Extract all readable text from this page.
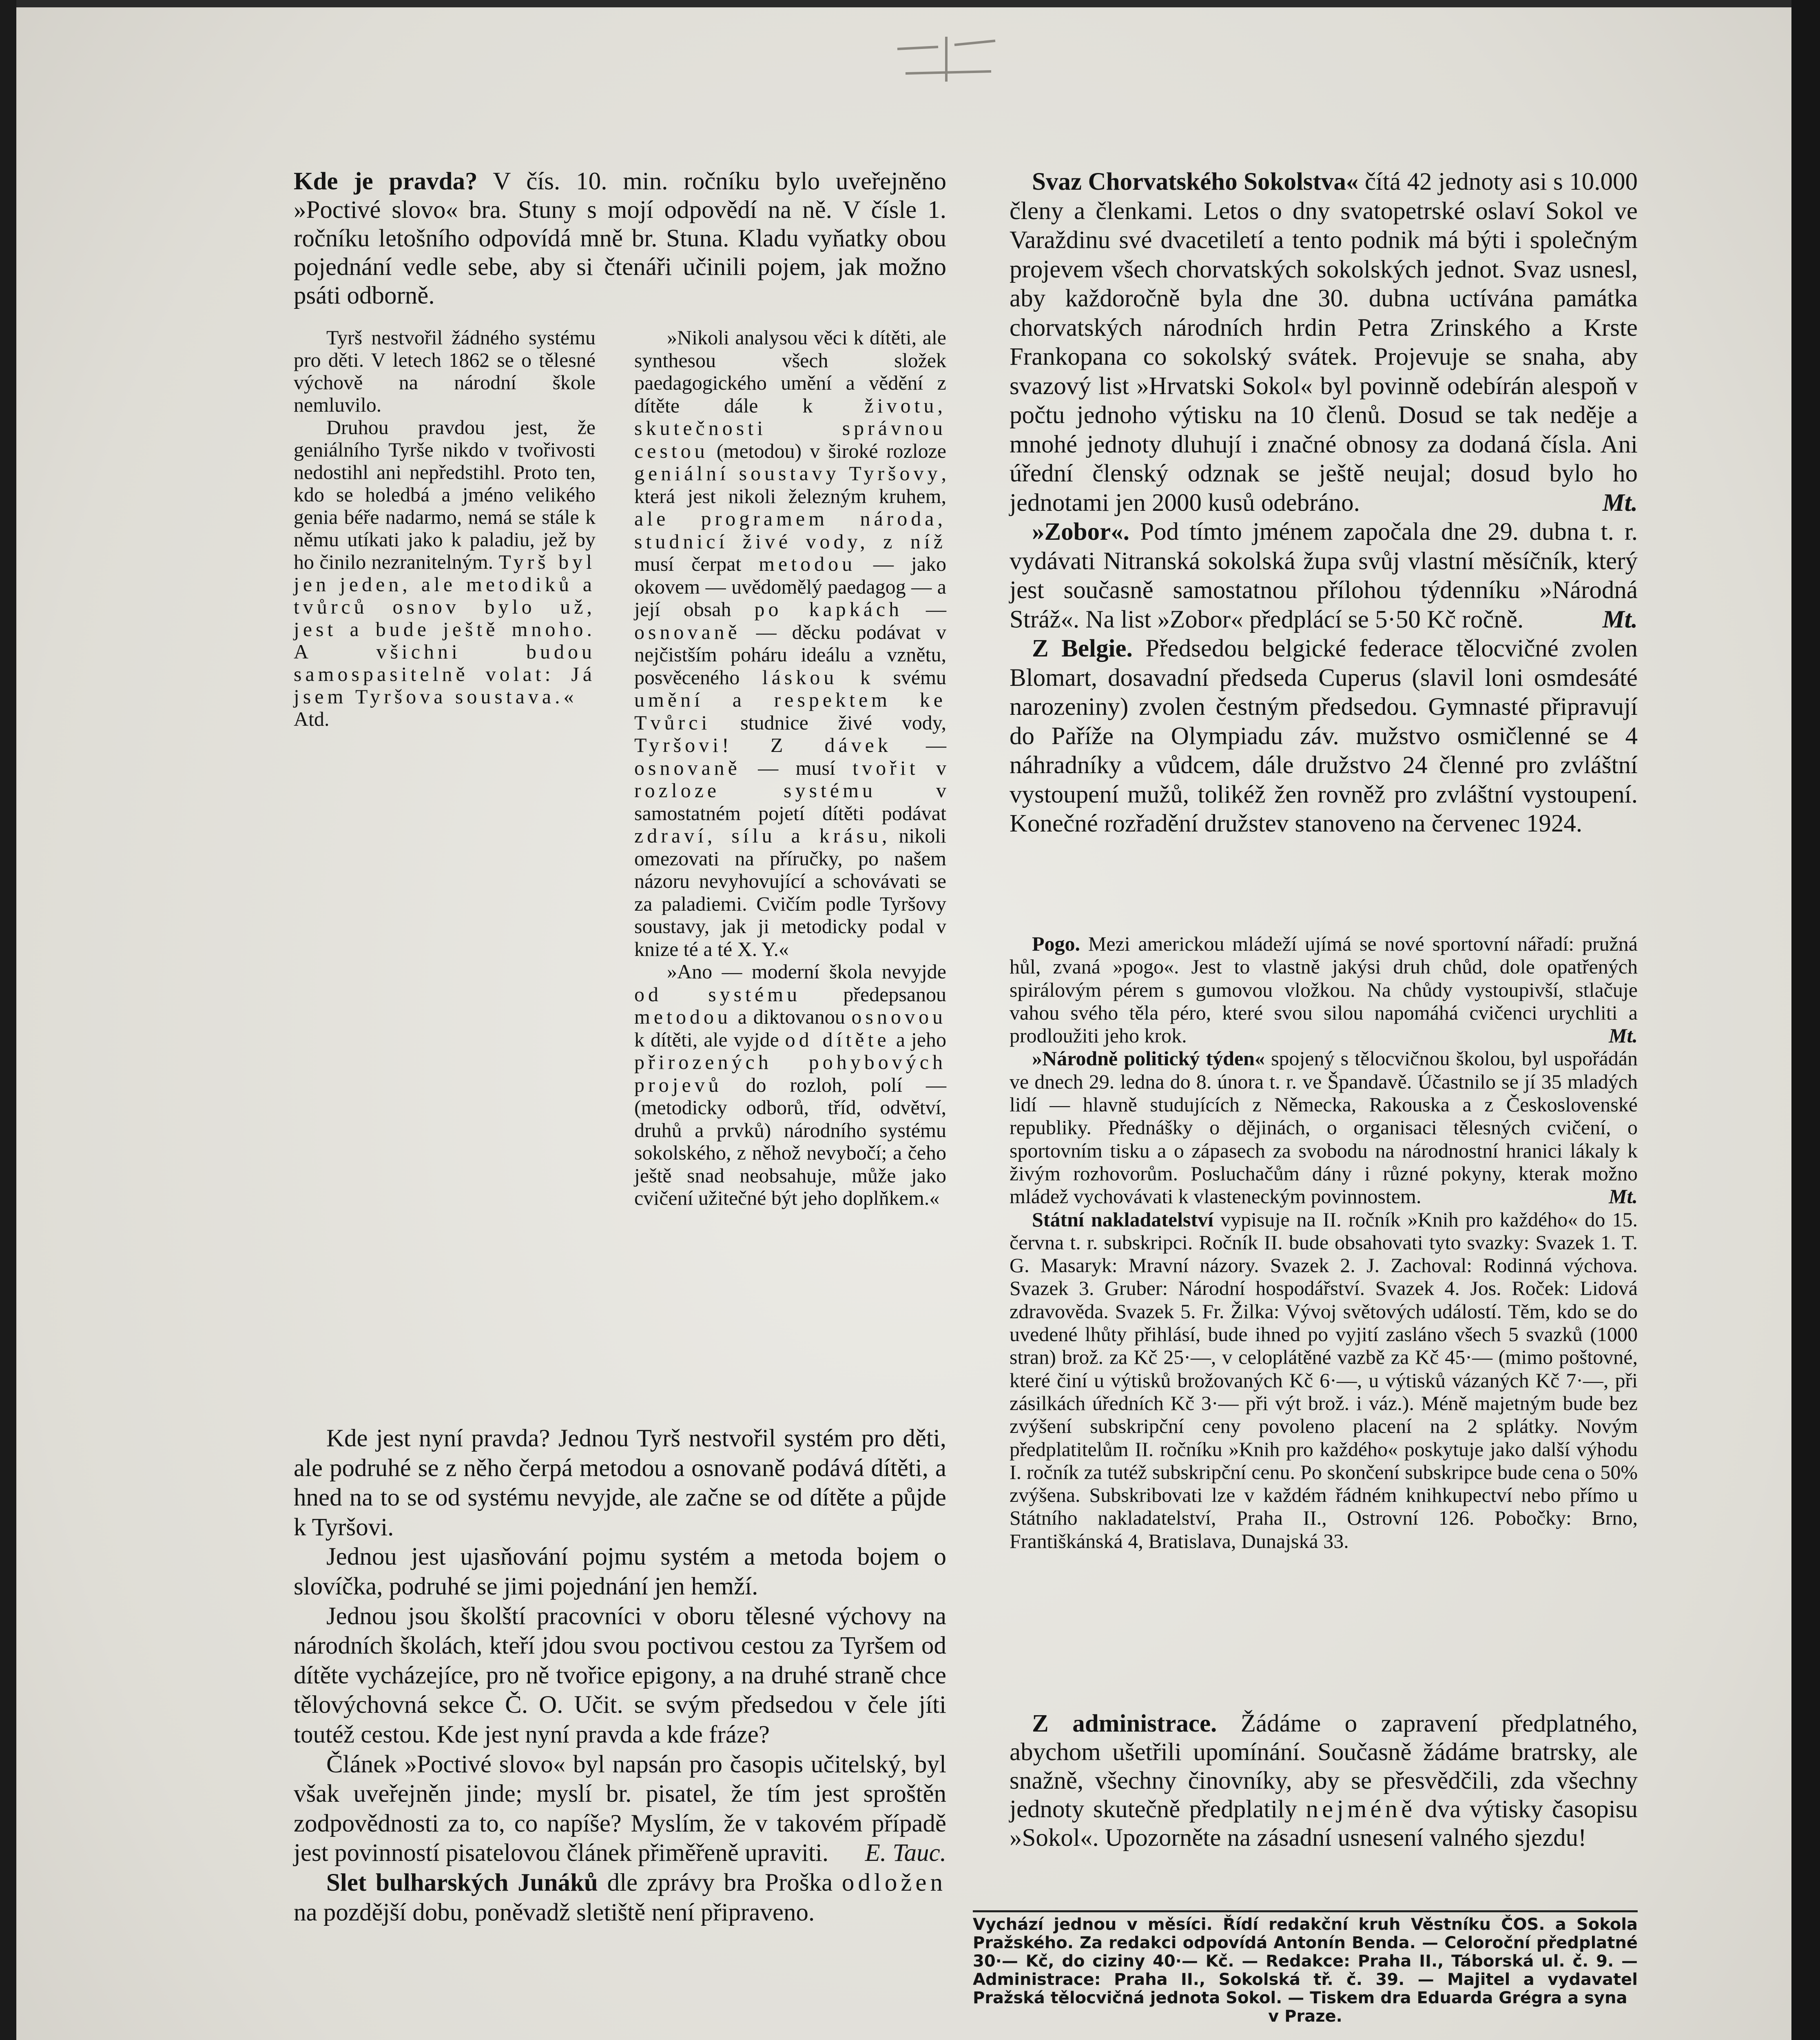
Kde je pravda? V čís. 10. min. ročníku bylo uveřejněno »Poctivé slovo« bra. Stuny s mojí odpovědí na ně. V čísle 1. ročníku letošního odpovídá mně br. Stuna. Kladu vyňatky obou pojednání vedle sebe, aby si čtenáři učinili pojem, jak možno psáti odborně.

Tyrš nestvořil žádného systému pro děti. V letech 1862 se o tělesné výchově na národní škole nemluvilo.

Druhou pravdou jest, že geniálního Tyrše nikdo v tvořivosti nedostihl ani nepředstihl. Proto ten, kdo se holedbá a jméno velikého genia béře nadarmo, nemá se stále k němu utíkati jako k paladiu, jež by ho činilo nezranitelným. Tyrš byl jen jeden, ale metodiků a tvůrců osnov bylo už, jest a bude ještě mnoho. A všichni budou samospasitelně volat: Já jsem Tyršova soustava.«

Atd.

»Nikoli analysou věci k dítěti, ale synthesou všech složek paedagogického umění a vědění z dítěte dále k životu, skutečnosti správnou cestou (metodou) v široké rozloze geniální soustavy Tyršovy, která jest nikoli železným kruhem, ale programem národa, studnicí živé vody, z níž musí čerpat metodou — jako okovem — uvědomělý paedagog — a její obsah po kapkách — osnovaně — děcku podávat v nejčistším poháru ideálu a vznětu, posvěceného láskou k svému umění a respektem ke Tvůrci studnice živé vody, Tyršovi! Z dávek — osnovaně — musí tvořit v rozloze systému v samostatném pojetí dítěti podávat zdraví, sílu a krásu, nikoli omezovati na příručky, po našem názoru nevyhovující a schovávati se za paladiemi. Cvičím podle Tyršovy soustavy, jak ji metodicky podal v knize té a té X. Y.«

»Ano — moderní škola nevyjde od systému předepsanou metodou a diktovanou osnovou k dítěti, ale vyjde od dítěte a jeho přirozených pohybových projevů do rozloh, polí — (metodicky odborů, tříd, odvětví, druhů a prvků) národního systému sokolského, z něhož nevybočí; a čeho ještě snad neobsahuje, může jako cvičení užitečné být jeho doplňkem.«

Kde jest nyní pravda? Jednou Tyrš nestvořil systém pro děti, ale podruhé se z něho čerpá metodou a osnovaně podává dítěti, a hned na to se od systému nevyjde, ale začne se od dítěte a půjde k Tyršovi.

Jednou jest ujasňování pojmu systém a metoda bojem o slovíčka, podruhé se jimi pojednání jen hemží.

Jednou jsou školští pracovníci v oboru tělesné výchovy na národních školách, kteří jdou svou poctivou cestou za Tyršem od dítěte vycházejíce, pro ně tvořice epigony, a na druhé straně chce tělovýchovná sekce Č. O. Učit. se svým předsedou v čele jíti toutéž cestou. Kde jest nyní pravda a kde fráze?

Článek »Poctivé slovo« byl napsán pro časopis učitelský, byl však uveřejněn jinde; myslí br. pisatel, že tím jest sproštěn zodpovědnosti za to, co napíše? Myslím, že v takovém případě jest povinností pisatelovou článek přiměřeně upraviti.	E. Tauc.

Slet bulharských Junáků dle zprávy bra Proška odložen na pozdější dobu, poněvadž sletiště není připraveno.

Svaz Chorvatského Sokolstva« čítá 42 jednoty asi s 10.000 členy a členkami. Letos o dny svatopetrské oslaví Sokol ve Varaždinu své dvacetiletí a tento podnik má býti i společným projevem všech chorvatských sokolských jednot. Svaz usnesl, aby každoročně byla dne 30. dubna uctívána památka chorvatských národních hrdin Petra Zrinského a Krste Frankopana co sokolský svátek. Projevuje se snaha, aby svazový list »Hrvatski Sokol« byl povinně odebírán alespoň v počtu jednoho výtisku na 10 členů. Dosud se tak neděje a mnohé jednoty dluhují i značné obnosy za dodaná čísla. Ani úřední členský odznak se ještě neujal; dosud bylo ho jednotami jen 2000 kusů odebráno.	Mt.

»Zobor«. Pod tímto jménem započala dne 29. dubna t. r. vydávati Nitranská sokolská župa svůj vlastní měsíčník, který jest současně samostatnou přílohou týdenníku »Národná Stráž«. Na list »Zobor« předplácí se 5·50 Kč ročně.	Mt.

Z Belgie. Předsedou belgické federace tělocvičné zvolen Blomart, dosavadní předseda Cuperus (slavil loni osmdesáté narozeniny) zvolen čestným předsedou. Gymnasté připravují do Paříže na Olympiadu záv. mužstvo osmičlenné se 4 náhradníky a vůdcem, dále družstvo 24 členné pro zvláštní vystoupení mužů, tolikéž žen rovněž pro zvláštní vystoupení. Konečné rozřadění družstev stanoveno na červenec 1924.

Pogo. Mezi americkou mládeží ujímá se nové sportovní nářadí: pružná hůl, zvaná »pogo«. Jest to vlastně jakýsi druh chůd, dole opatřených spirálovým pérem s gumovou vložkou. Na chůdy vystoupivší, stlačuje vahou svého těla péro, které svou silou napomáhá cvičenci urychliti a prodloužiti jeho krok.	Mt.

»Národně politický týden« spojený s tělocvičnou školou, byl uspořádán ve dnech 29. ledna do 8. února t. r. ve Špandavě. Účastnilo se jí 35 mladých lidí — hlavně studujících z Německa, Rakouska a z Československé republiky. Přednášky o dějinách, o organisaci tělesných cvičení, o sportovním tisku a o zápasech za svobodu na národnostní hranici lákaly k živým rozhovorům. Posluchačům dány i různé pokyny, kterak možno mládež vychovávati k vlasteneckým povinnostem.	Mt.

Státní nakladatelství vypisuje na II. ročník »Knih pro každého« do 15. června t. r. subskripci. Ročník II. bude obsahovati tyto svazky: Svazek 1. T. G. Masaryk: Mravní názory. Svazek 2. J. Zachoval: Rodinná výchova. Svazek 3. Gruber: Národní hospodářství. Svazek 4. Jos. Roček: Lidová zdravověda. Svazek 5. Fr. Žilka: Vývoj světových událostí. Těm, kdo se do uvedené lhůty přihlásí, bude ihned po vyjití zasláno všech 5 svazků (1000 stran) brož. za Kč 25·—, v celoplátěné vazbě za Kč 45·— (mimo poštovné, které činí u výtisků brožovaných Kč 6·—, u výtisků vázaných Kč 7·—, při zásilkách úředních Kč 3·— při výt brož. i váz.). Méně majetným bude bez zvýšení subskripční ceny povoleno placení na 2 splátky. Novým předplatitelům II. ročníku »Knih pro každého« poskytuje jako další výhodu I. ročník za tutéž subskripční cenu. Po skončení subskripce bude cena o 50% zvýšena. Subskribovati lze v každém řádném knihkupectví nebo přímo u Státního nakladatelství, Praha II., Ostrovní 126. Pobočky: Brno, Františkánská 4, Bratislava, Dunajská 33.

Z administrace. Žádáme o zapravení předplatného, abychom ušetřili upomínání. Současně žádáme bratrsky, ale snažně, všechny činovníky, aby se přesvědčili, zda všechny jednoty skutečně předplatily nejméně dva výtisky časopisu »Sokol«. Upozorněte na zásadní usnesení valného sjezdu!

Vychází jednou v měsíci. Řídí redakční kruh Věstníku ČOS. a Sokola Pražského. Za redakci odpovídá Antonín Benda. — Celoroční předplatné 30·— Kč, do ciziny 40·— Kč. — Redakce: Praha II., Táborská ul. č. 9. — Administrace: Praha II., Sokolská tř. č. 39. — Majitel a vydavatel Pražská tělocvičná jednota Sokol. — Tiskem dra Eduarda Grégra a syna
v Praze.
